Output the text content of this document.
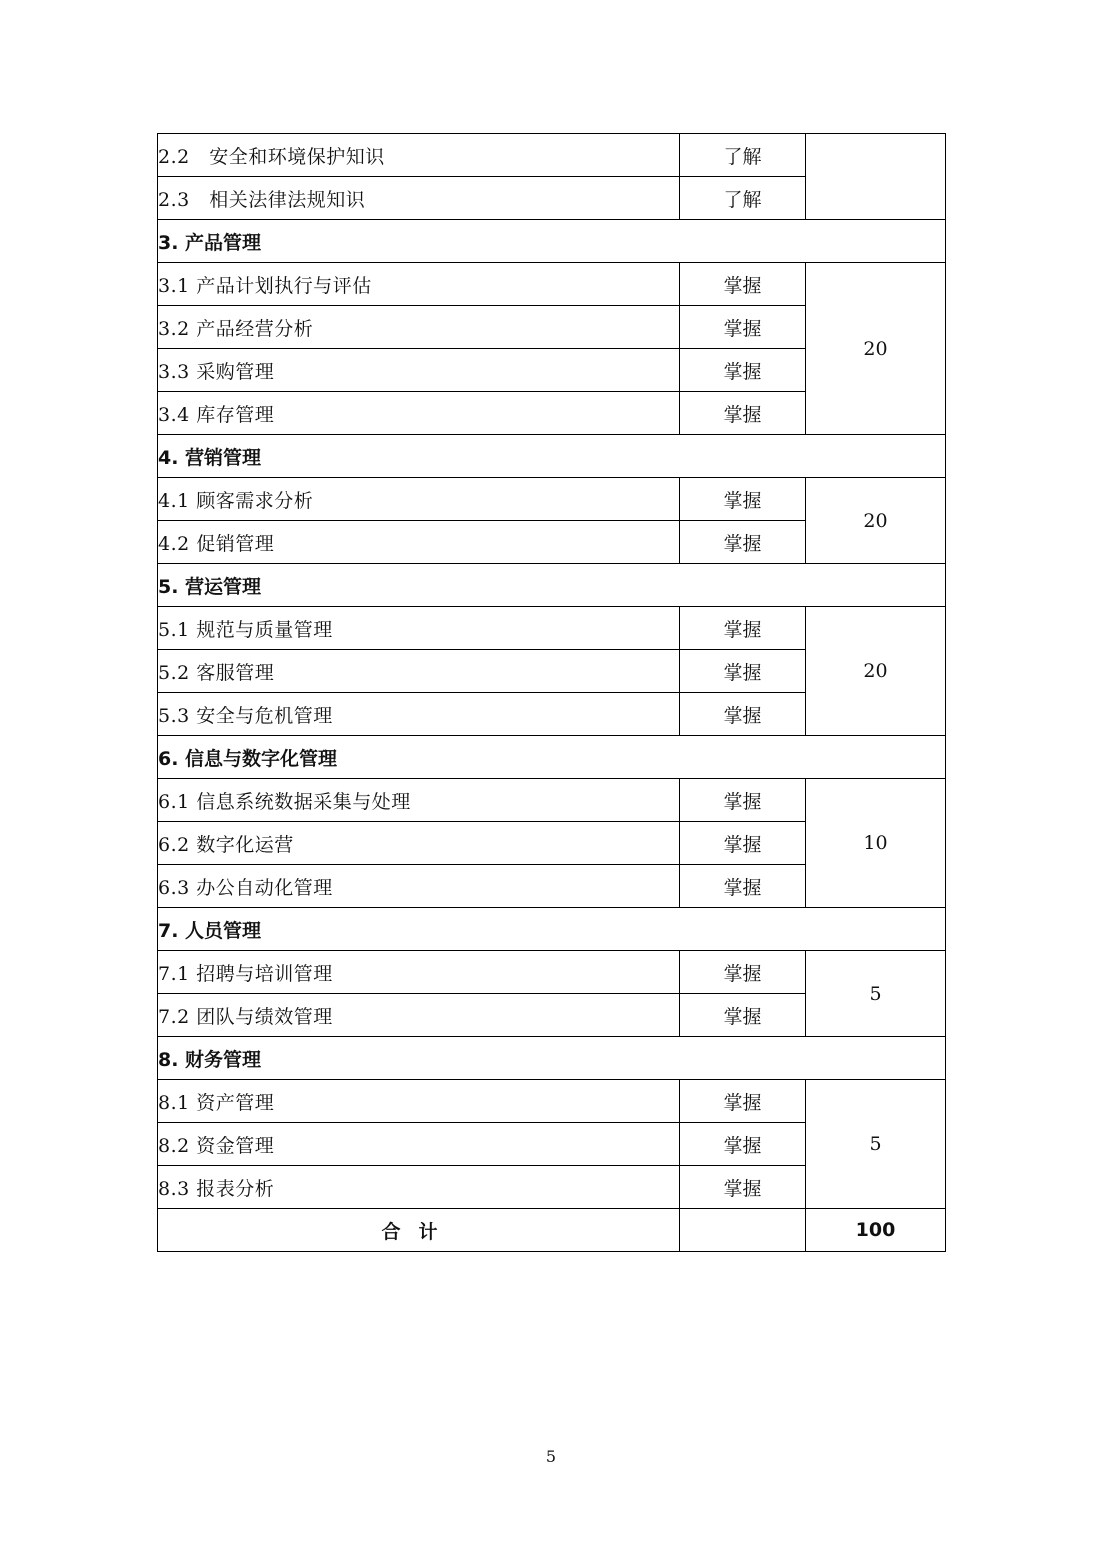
2.2　安全和环境保护知识	了解	
2.3　相关法律法规知识	了解	
3. 产品管理		
3.1 产品计划执行与评估	掌握	20
3.2 产品经营分析	掌握	
3.3 采购管理	掌握	
3.4 库存管理	掌握	
4. 营销管理		
4.1 顾客需求分析	掌握	20
4.2 促销管理	掌握	
5. 营运管理		
5.1 规范与质量管理	掌握	20
5.2 客服管理	掌握	
5.3 安全与危机管理	掌握	
6. 信息与数字化管理		
6.1 信息系统数据采集与处理	掌握	10
6.2 数字化运营	掌握	
6.3 办公自动化管理	掌握	
7. 人员管理		
7.1 招聘与培训管理	掌握	5
7.2 团队与绩效管理	掌握	
8. 财务管理		
8.1 资产管理	掌握	5
8.2 资金管理	掌握	
8.3 报表分析	掌握	
合计		100
5
